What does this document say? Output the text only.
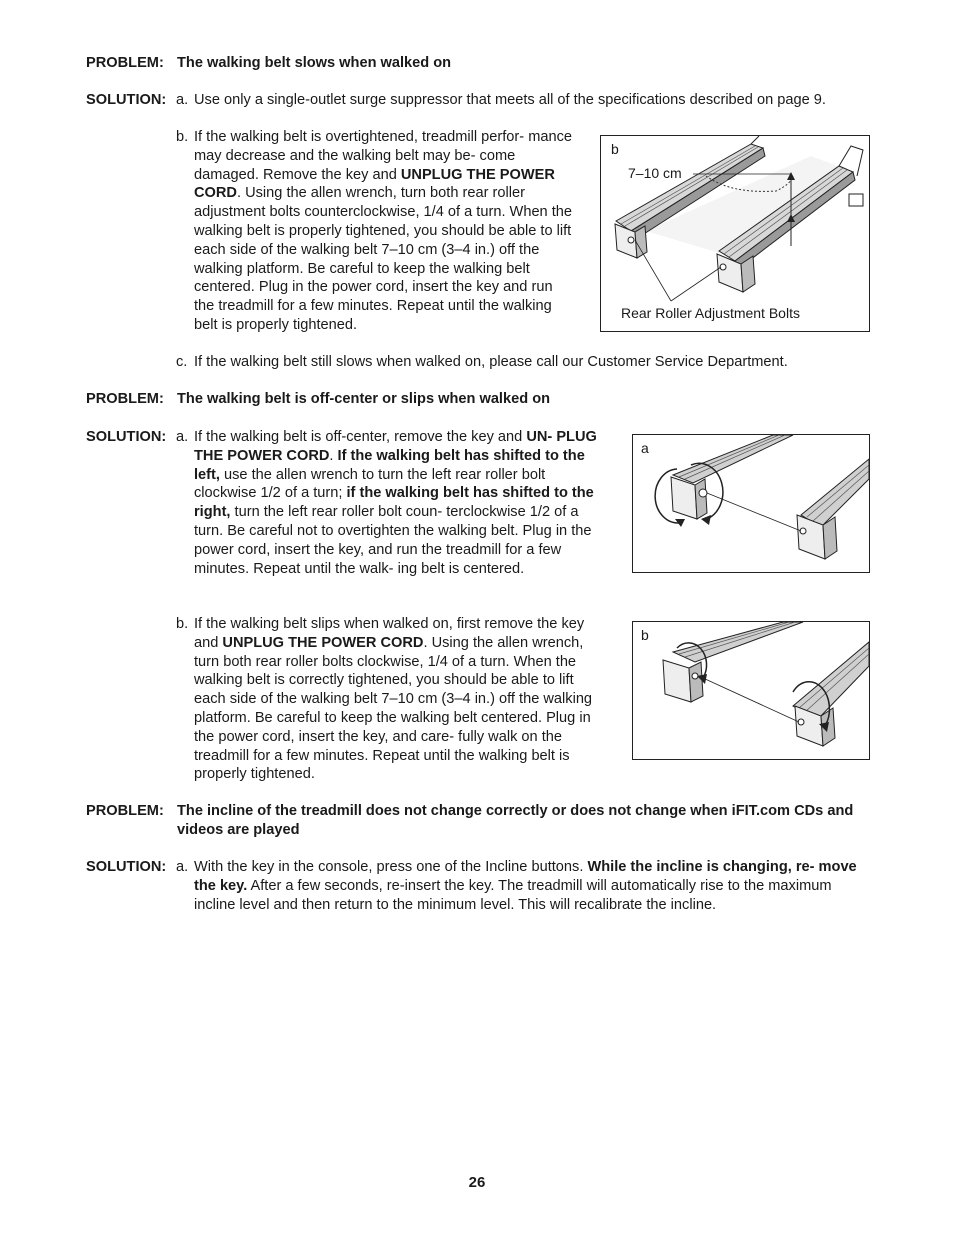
PROBLEM: The walking belt slows when walked on
SOLUTION: a. Use only a single-outlet surge suppressor that meets all of the specifications described on page 9.
b. If the walking belt is overtightened, treadmill perfor- mance may decrease and the walking belt may be- come damaged. Remove the key and UNPLUG THE POWER CORD. Using the allen wrench, turn both rear roller adjustment bolts counterclockwise, 1/4 of a turn. When the walking belt is properly tightened, you should be able to lift each side of the walking belt 7–10 cm (3–4 in.) off the walking platform. Be careful to keep the walking belt centered. Plug in the power cord, insert the key and run the treadmill for a few minutes. Repeat until the walking belt is properly tightened.
b
7–10 cm
Rear Roller Adjustment Bolts
c. If the walking belt still slows when walked on, please call our Customer Service Department.
PROBLEM: The walking belt is off-center or slips when walked on
SOLUTION: a. If the walking belt is off-center, remove the key and UN- PLUG THE POWER CORD. If the walking belt has shifted to the left, use the allen wrench to turn the left rear roller bolt clockwise 1/2 of a turn; if the walking belt has shifted to the right, turn the left rear roller bolt coun- terclockwise 1/2 of a turn. Be careful not to overtighten the walking belt. Plug in the power cord, insert the key, and run the treadmill for a few minutes. Repeat until the walk- ing belt is centered.
a
b. If the walking belt slips when walked on, first remove the key and UNPLUG THE POWER CORD. Using the allen wrench, turn both rear roller bolts clockwise, 1/4 of a turn. When the walking belt is correctly tightened, you should be able to lift each side of the walking belt 7–10 cm (3–4 in.) off the walking platform. Be careful to keep the walking belt centered. Plug in the power cord, insert the key, and care- fully walk on the treadmill for a few minutes. Repeat until the walking belt is properly tightened.
b
PROBLEM: The incline of the treadmill does not change correctly or does not change when iFIT.com CDs and videos are played
SOLUTION: a. With the key in the console, press one of the Incline buttons. While the incline is changing, re- move the key. After a few seconds, re-insert the key. The treadmill will automatically rise to the maximum incline level and then return to the minimum level. This will recalibrate the incline.
26
